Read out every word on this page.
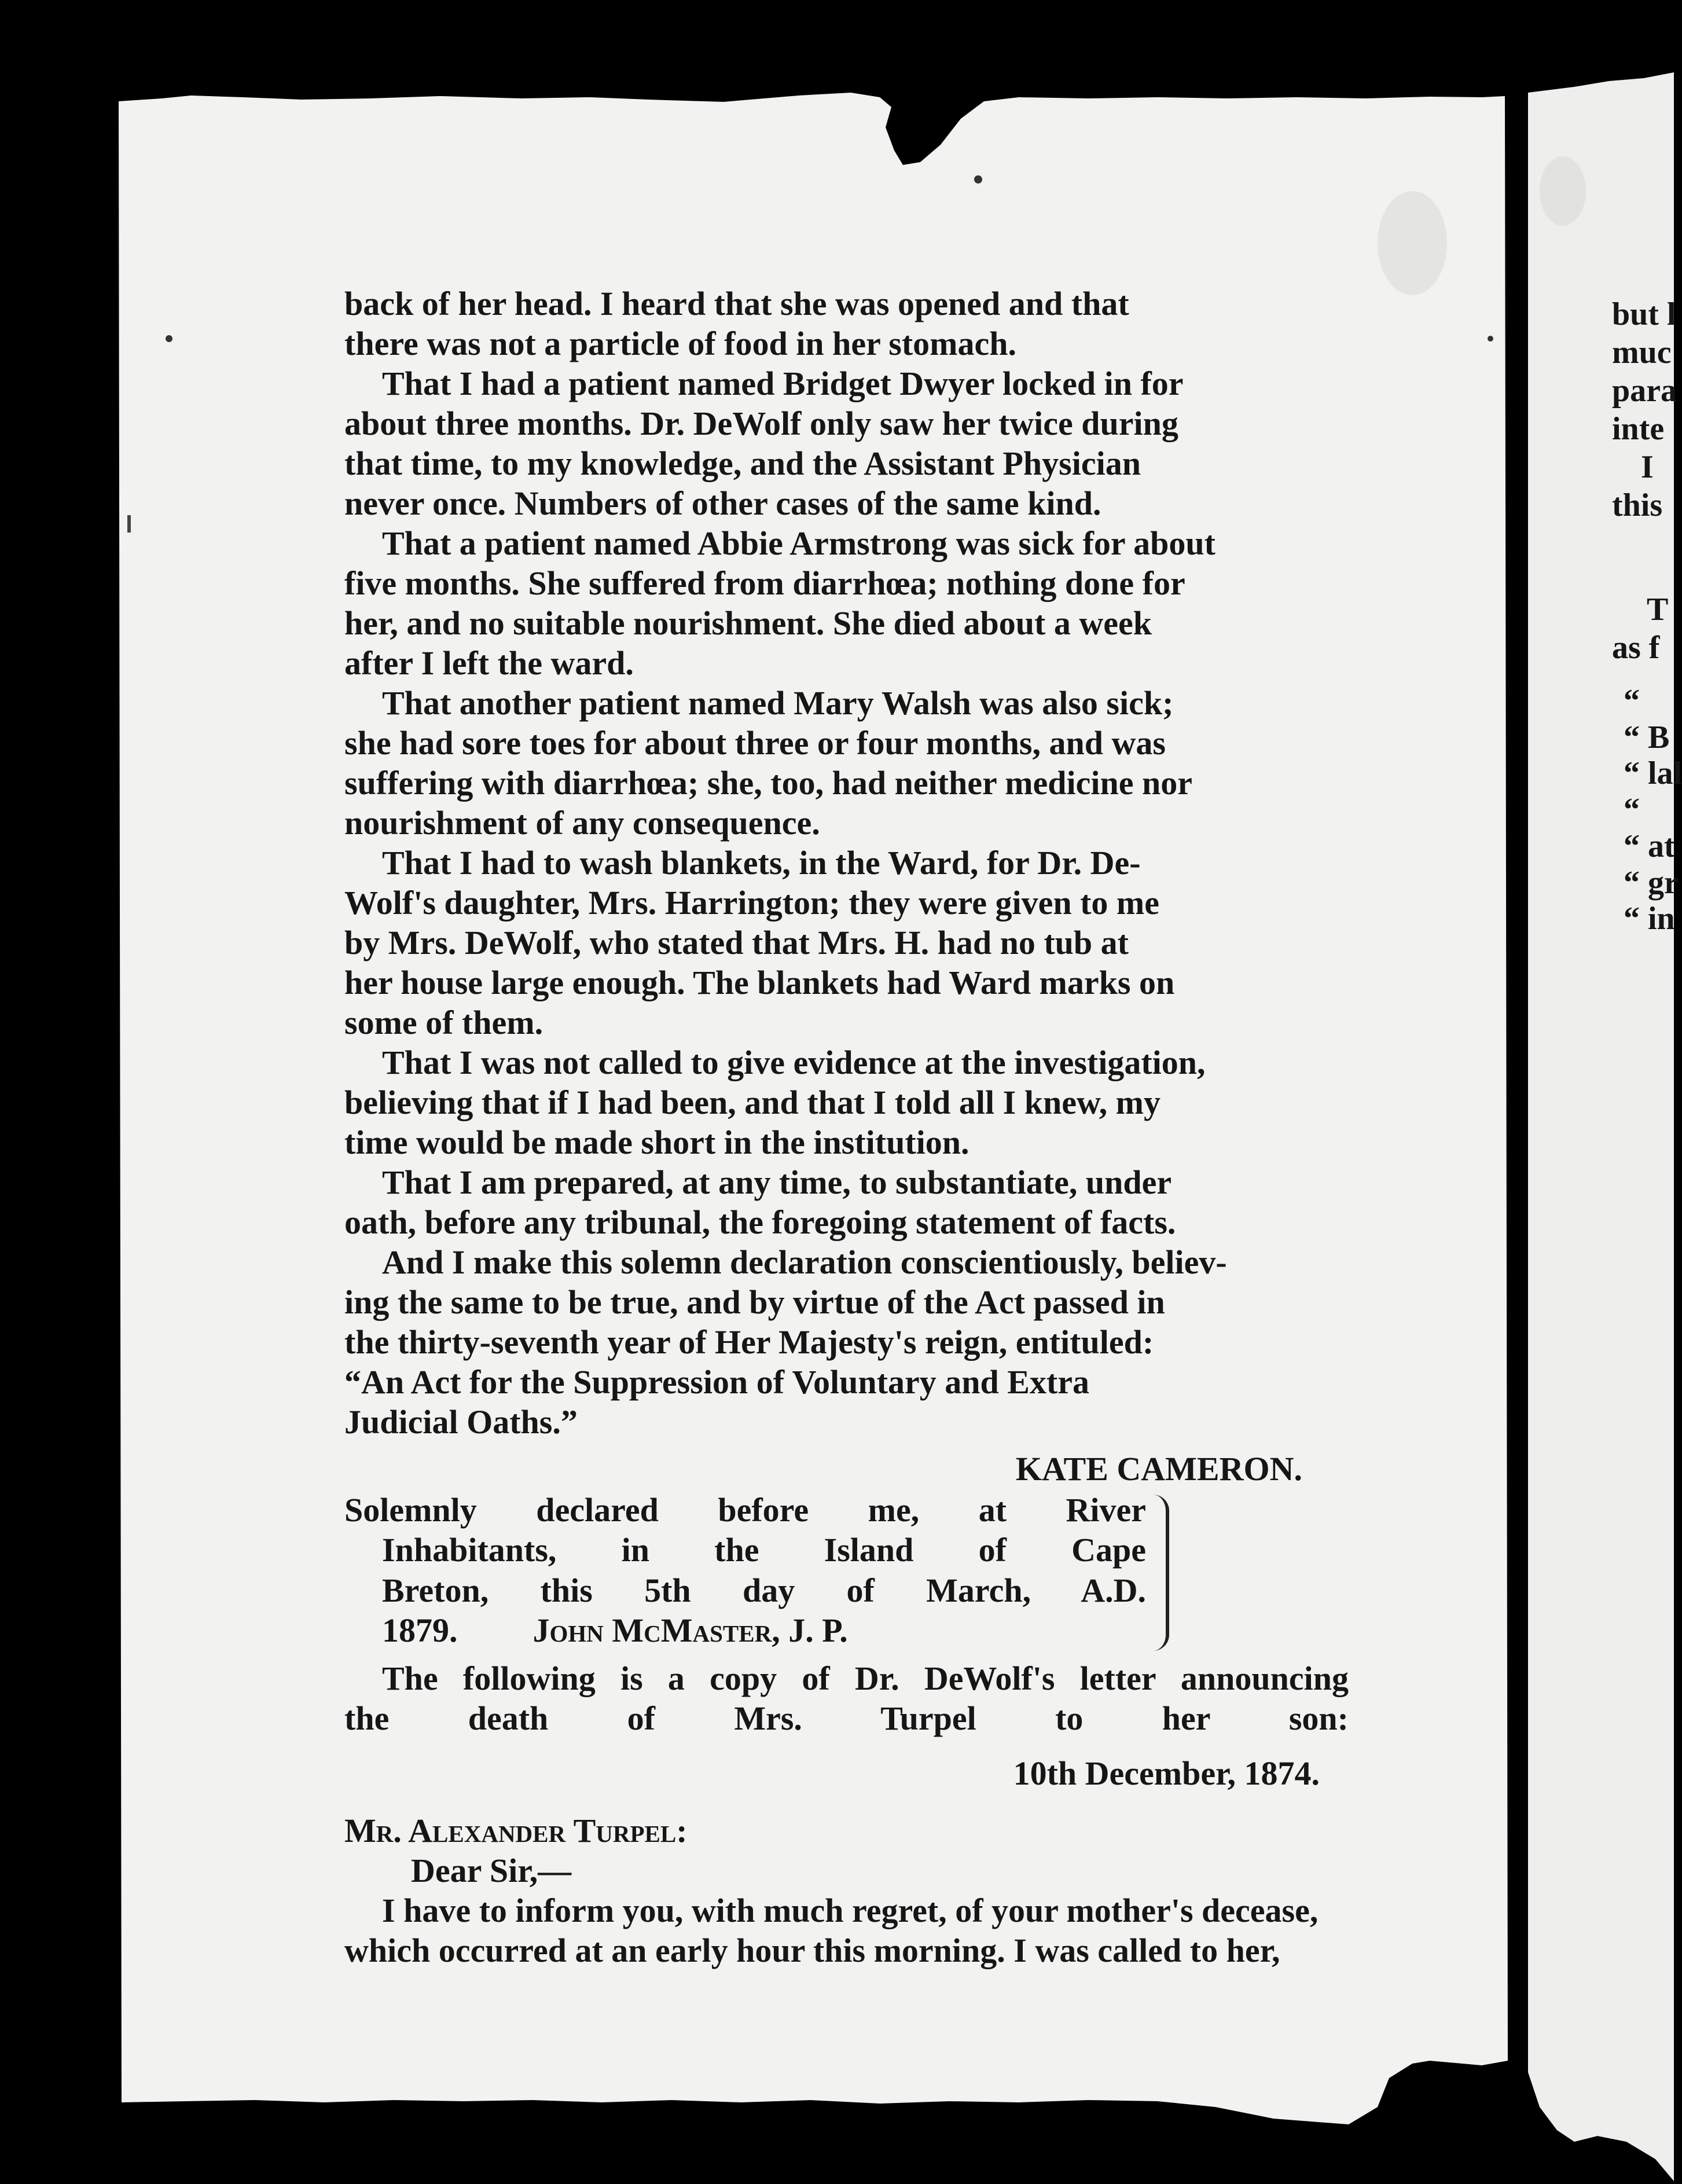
back of her head. I heard that she was opened and that
there was not a particle of food in her stomach.

That I had a patient named Bridget Dwyer locked in for
about three months. Dr. DeWolf only saw her twice during
that time, to my knowledge, and the Assistant Physician
never once. Numbers of other cases of the same kind.

That a patient named Abbie Armstrong was sick for about
five months. She suffered from diarrhœa; nothing done for
her, and no suitable nourishment. She died about a week
after I left the ward.

That another patient named Mary Walsh was also sick;
she had sore toes for about three or four months, and was
suffering with diarrhœa; she, too, had neither medicine nor
nourishment of any consequence.

That I had to wash blankets, in the Ward, for Dr. De-
Wolf's daughter, Mrs. Harrington; they were given to me
by Mrs. DeWolf, who stated that Mrs. H. had no tub at
her house large enough. The blankets had Ward marks on
some of them.

That I was not called to give evidence at the investigation,
believing that if I had been, and that I told all I knew, my
time would be made short in the institution.

That I am prepared, at any time, to substantiate, under
oath, before any tribunal, the foregoing statement of facts.

And I make this solemn declaration conscientiously, believ-
ing the same to be true, and by virtue of the Act passed in
the thirty-seventh year of Her Majesty's reign, entituled:
“An Act for the Suppression of Voluntary and Extra
Judicial Oaths.”

KATE CAMERON.

Solemnly declared before me, at River

Inhabitants, in the Island of Cape

Breton, this 5th day of March, A.D.

1879. John McMaster, J. P.

The following is a copy of Dr. DeWolf's letter announcing
the death of Mrs. Turpel to her son:

10th December, 1874.

Mr. Alexander Turpel:

Dear Sir,—

I have to inform you, with much regret, of your mother's decease,
which occurred at an early hour this morning. I was called to her,

but l

muc

para

inte

I

this

T

as f

“

“ B

“ lal

“

“ at

“ gr

“ in
